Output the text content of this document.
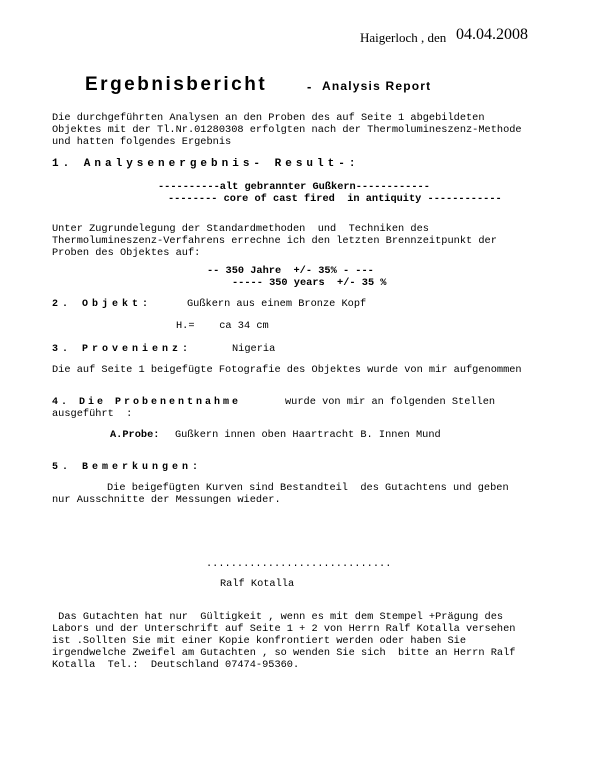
Haigerloch , den 04.04.2008
Ergebnisbericht	- Analysis Report
Die durchgeführten Analysen an den Proben des auf Seite 1 abgebildeten
Objektes mit der Tl.Nr.01280308 erfolgten nach der Thermolumineszenz-Methode
und hatten folgendes Ergebnis
1. Analysenergebnis- Result-:
----------alt gebrannter Gußkern------------
-------- core of cast fired  in antiquity ------------
Unter Zugrundelegung der Standardmethoden  und  Techniken des
Thermolumineszenz-Verfahrens errechne ich den letzten Brennzeitpunkt der
Proben des Objektes auf:
-- 350 Jahre  +/- 35% - ---
----- 350 years  +/- 35 %
2. Objekt:	Gußkern aus einem Bronze Kopf
H.=    ca 34 cm
3. Provenienz:	Nigeria
Die auf Seite 1 beigefügte Fotografie des Objektes wurde von mir aufgenommen
4. Die Probenentnahme	wurde von mir an folgenden Stellen
ausgeführt  :
A.Probe: Gußkern innen oben Haartracht B. Innen Mund
5. Bemerkungen:
Die beigefügten Kurven sind Bestandteil  des Gutachtens und geben
nur Ausschnitte der Messungen wieder.
..............................
Ralf Kotalla
Das Gutachten hat nur  Gültigkeit , wenn es mit dem Stempel +Prägung des
Labors und der Unterschrift auf Seite 1 + 2 von Herrn Ralf Kotalla versehen
ist .Sollten Sie mit einer Kopie konfrontiert werden oder haben Sie
irgendwelche Zweifel am Gutachten , so wenden Sie sich  bitte an Herrn Ralf
Kotalla  Tel.:  Deutschland 07474-95360.
